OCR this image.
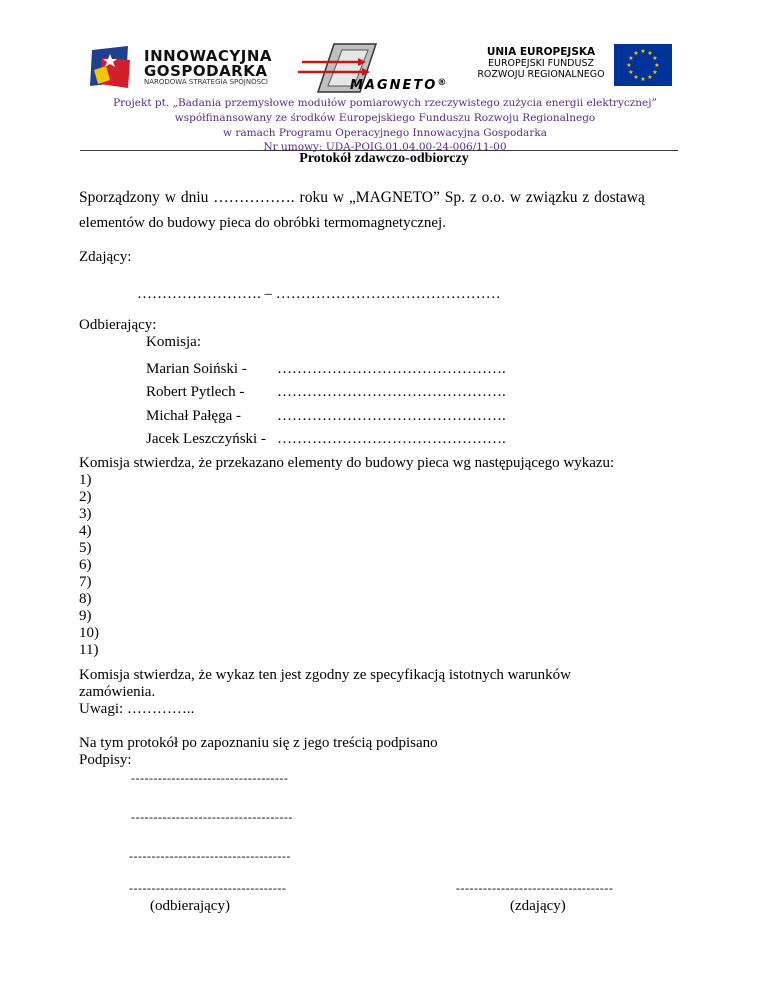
INNOWACYJNA
GOSPODARKA
NARODOWA STRATEGIA SPÓJNOŚCI	MAGNETO®
UNIA EUROPEJSKA
EUROPEJSKI FUNDUSZ
ROZWOJU REGIONALNEGO
★ ★
★
★
★
★
★
★
★
★
★
★
Projekt pt. „Badania przemysłowe modułów pomiarowych rzeczywistego zużycia energii elektrycznej”
współfinansowany ze środków Europejskiego Funduszu Rozwoju Regionalnego
w ramach Programu Operacyjnego Innowacyjna Gospodarka
Nr umowy: UDA-POIG.01.04.00-24-006/11-00
Protokół zdawczo-odbiorczy
Sporządzony w dniu ……………. roku w „MAGNETO” Sp. z o.o. w związku z dostawą
elementów do budowy pieca do obróbki termomagnetycznej.
Zdający:
……………………. – ………………………………………
Odbierający:
Komisja:
Marian Soiński - ……………………………………….
Robert Pytlech - ……………………………………….
Michał Pałęga - ……………………………………….
Jacek Leszczyński - ……………………………………….
Komisja stwierdza, że przekazano elementy do budowy pieca wg następującego wykazu:
1)
2)
3)
4)
5)
6)
7)
8)
9)
10)
11)
Komisja stwierdza, że wykaz ten jest zgodny ze specyfikacją istotnych warunków
zamówienia.
Uwagi: …………..
Na tym protokół po zapoznaniu się z jego treścią podpisano
Podpisy:
-----------------------------------
------------------------------------
------------------------------------
-----------------------------------	-----------------------------------
(odbierający)	(zdający)
